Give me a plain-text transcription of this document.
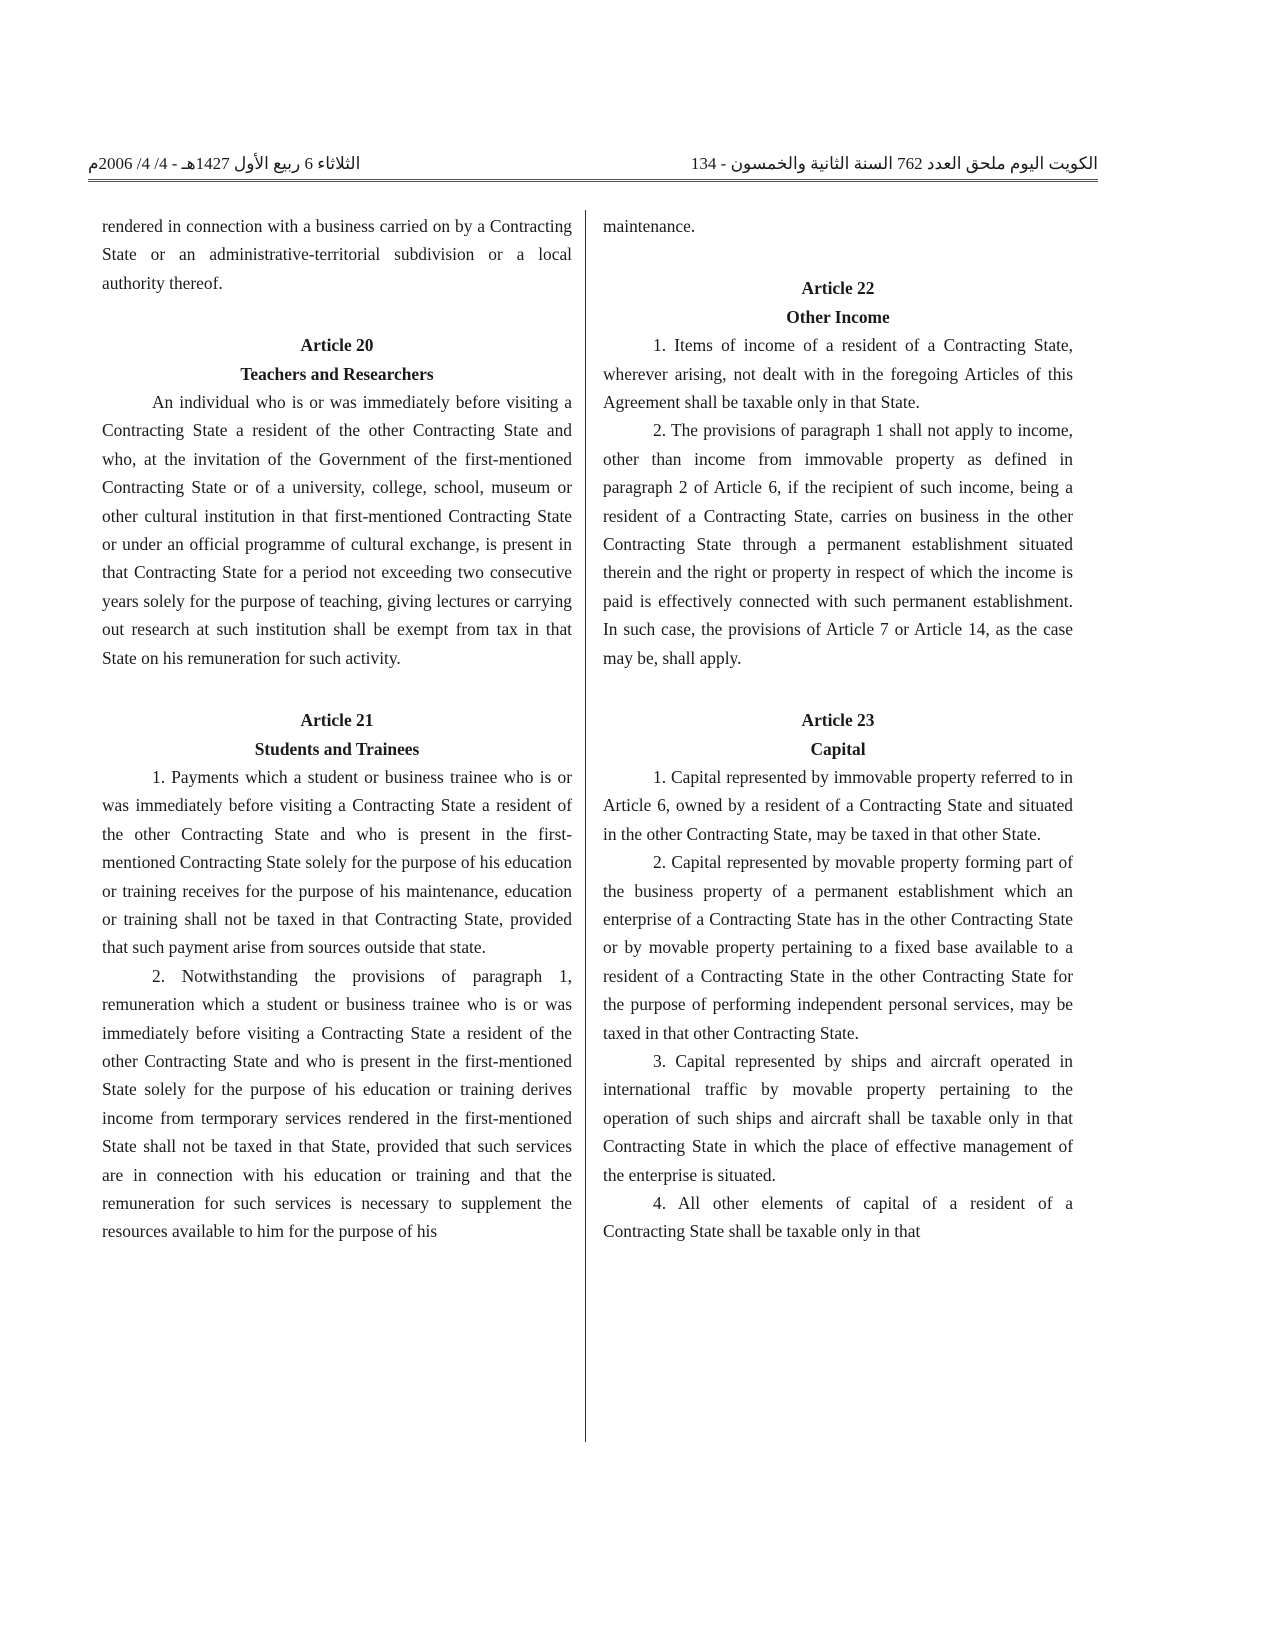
الكويت اليوم ملحق العدد 762 السنة الثانية والخمسون - 134
الثلاثاء 6 ربيع الأول 1427هـ - 4/ 4/ 2006م

rendered in connection with a business carried on by a Contracting State or an administrative-territorial subdivision or a local authority thereof.

Article 20

Teachers and Researchers

An individual who is or was immediately before visiting a Contracting State a resident of the other Contracting State and who, at the invitation of the Government of the first-mentioned Contracting State or of a university, college, school, museum or other cultural institution in that first-mentioned Contracting State or under an official programme of cultural exchange, is present in that Contracting State for a period not exceeding two consecutive years solely for the purpose of teaching, giving lectures or carrying out research at such institution shall be exempt from tax in that State on his remuneration for such activity.

Article 21

Students and Trainees

1. Payments which a student or business trainee who is or was immediately before visiting a Contracting State a resident of the other Contracting State and who is present in the first-mentioned Contracting State solely for the purpose of his education or training receives for the purpose of his maintenance, education or training shall not be taxed in that Contracting State, provided that such payment arise from sources outside that state.

2. Notwithstanding the provisions of paragraph 1, remuneration which a student or business trainee who is or was immediately before visiting a Contracting State a resident of the other Contracting State and who is present in the first-mentioned State solely for the purpose of his education or training derives income from termporary services rendered in the first-mentioned State shall not be taxed in that State, provided that such services are in connection with his education or training and that the remuneration for such services is necessary to supplement the resources available to him for the purpose of his

maintenance.

Article 22

Other Income

1. Items of income of a resident of a Contracting State, wherever arising, not dealt with in the foregoing Articles of this Agreement shall be taxable only in that State.

2. The provisions of paragraph 1 shall not apply to income, other than income from immovable property as defined in paragraph 2 of Article 6, if the recipient of such income, being a resident of a Contracting State, carries on business in the other Contracting State through a permanent establishment situated therein and the right or property in respect of which the income is paid is effectively connected with such permanent establishment. In such case, the provisions of Article 7 or Article 14, as the case may be, shall apply.

Article 23

Capital

1. Capital represented by immovable property referred to in Article 6, owned by a resident of a Contracting State and situated in the other Contracting State, may be taxed in that other State.

2. Capital represented by movable property forming part of the business property of a permanent establishment which an enterprise of a Contracting State has in the other Contracting State or by movable property pertaining to a fixed base available to a resident of a Contracting State in the other Contracting State for the purpose of performing independent personal services, may be taxed in that other Contracting State.

3. Capital represented by ships and aircraft operated in international traffic by movable property pertaining to the operation of such ships and aircraft shall be taxable only in that Contracting State in which the place of effective management of the enterprise is situated.

4. All other elements of capital of a resident of a Contracting State shall be taxable only in that
